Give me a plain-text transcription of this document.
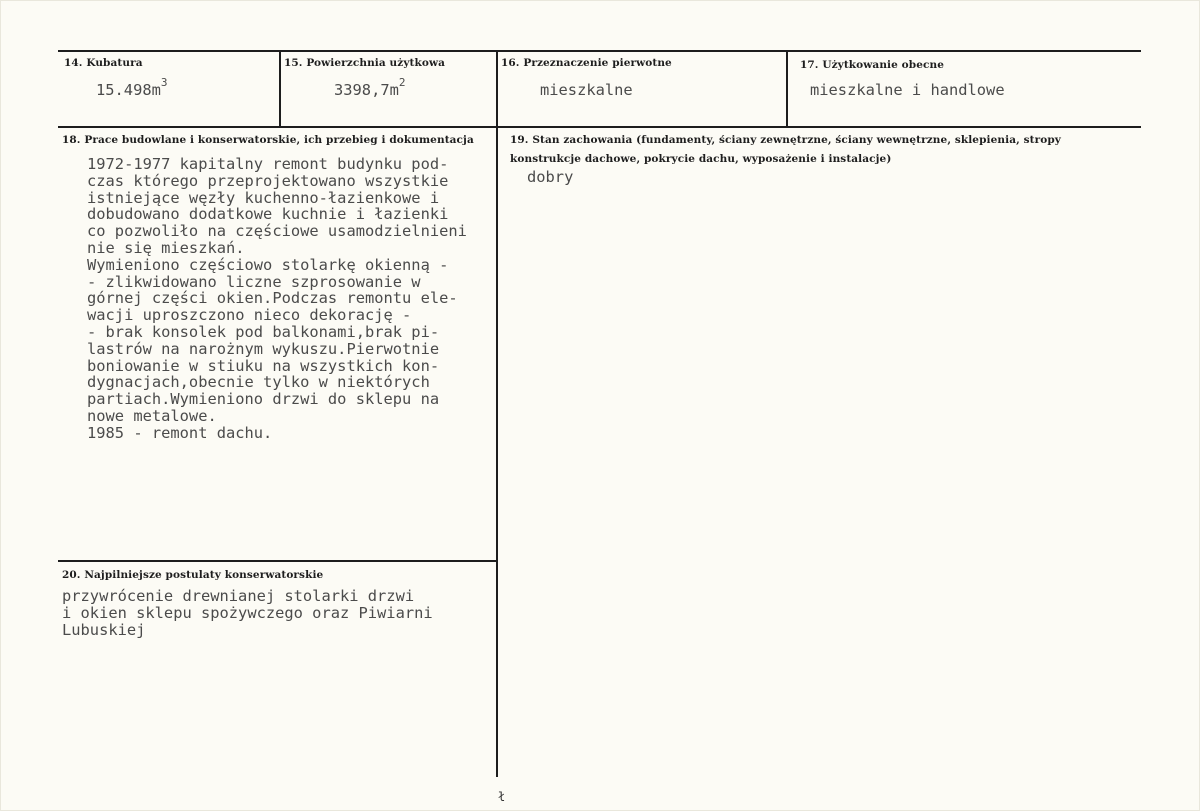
14. Kubatura
$15.498m^3$
15. Powierzchnia użytkowa
$3398,7m^2$
16. Przeznaczenie pierwotne
mieszkalne
17. Użytkowanie obecne
mieszkalne i handlowe
18. Prace budowlane i konserwatorskie, ich przebieg i dokumentacja
1972-1977 kapitalny remont budynku pod-
czas którego przeprojektowano wszystkie
istniejące węzły kuchenno-łazienkowe i
dobudowano dodatkowe kuchnie i łazienki
co pozwoliło na częściowe usamodzielnieni
nie się mieszkań.
Wymieniono częściowo stolarkę okienną -
- zlikwidowano liczne szprosowanie w
górnej części okien.Podczas remontu ele-
wacji uproszczono nieco dekorację -
- brak konsolek pod balkonami,brak pi-
lastrów na narożnym wykuszu.Pierwotnie
boniowanie w stiuku na wszystkich kon-
dygnacjach,obecnie tylko w niektórych
partiach.Wymieniono drzwi do sklepu na
nowe metalowe.
1985 - remont dachu.
19. Stan zachowania (fundamenty, ściany zewnętrzne, ściany wewnętrzne, sklepienia, stropy
konstrukcje dachowe, pokrycie dachu, wyposażenie i instalacje)
dobry
20. Najpilniejsze postulaty konserwatorskie
przywrócenie drewnianej stolarki drzwi
i okien sklepu spożywczego oraz Piwiarni
Lubuskiej
ł
